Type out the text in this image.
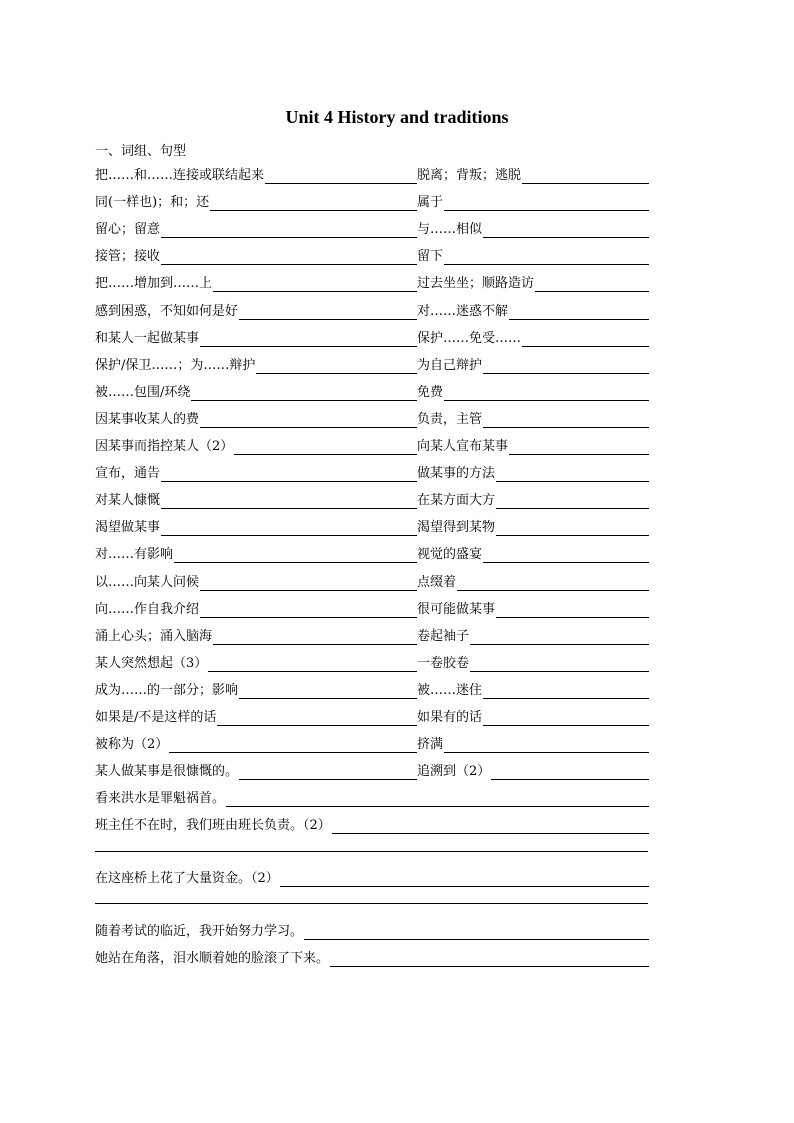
Unit 4 History and traditions
一、词组、句型
把……和……连接或联结起来	脱离；背叛；逃脱
同(一样也)；和；还	属于
留心；留意	与……相似
接管；接收	留下
把……增加到……上	过去坐坐；顺路造访
感到困惑，不知如何是好	对……迷惑不解
和某人一起做某事	保护……免受……
保护/保卫……；为……辩护	为自己辩护
被……包围/环绕	免费
因某事收某人的费	负责，主管
因某事而指控某人（2）	向某人宣布某事
宣布，通告	做某事的方法
对某人慷慨	在某方面大方
渴望做某事	渴望得到某物
对……有影响	视觉的盛宴
以……向某人问候	点缀着
向……作自我介绍	很可能做某事
涌上心头；涌入脑海	卷起袖子
某人突然想起（3）	一卷胶卷
成为……的一部分；影响	被……迷住
如果是/不是这样的话	如果有的话
被称为（2）	挤满
某人做某事是很慷慨的。	追溯到（2）
看来洪水是罪魁祸首。
班主任不在时，我们班由班长负责。（2）
在这座桥上花了大量资金。（2）
随着考试的临近，我开始努力学习。
她站在角落，泪水顺着她的脸滚了下来。
